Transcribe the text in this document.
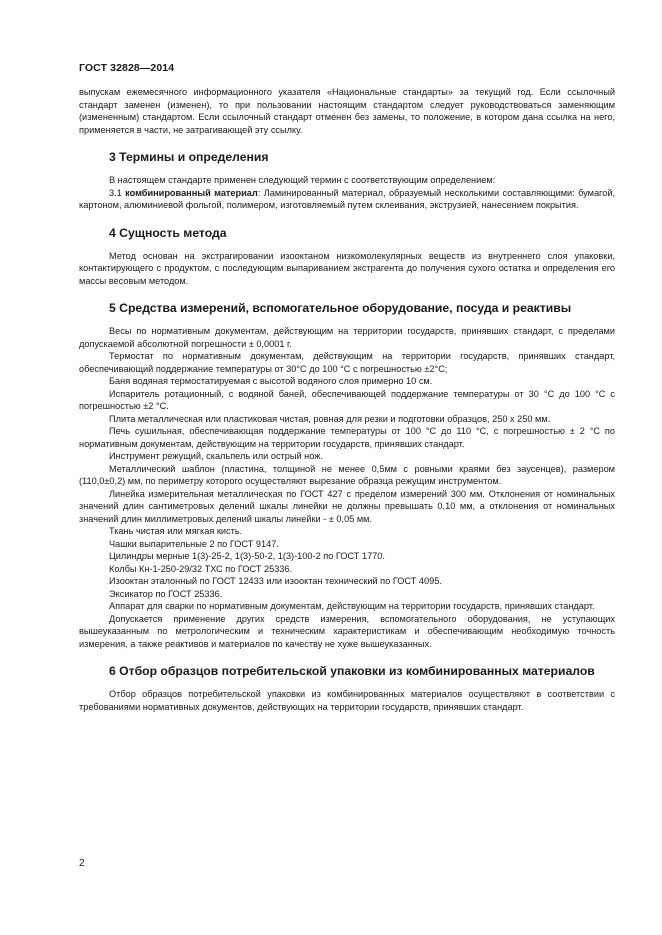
ГОСТ 32828—2014

выпускам ежемесячного информационного указателя «Национальные стандарты» за текущий год. Если ссылочный стандарт заменен (изменен), то при пользовании настоящим стандартом следует руководствоваться заменяющим (измененным) стандартом. Если ссылочный стандарт отменен без замены, то положение, в котором дана ссылка на него, применяется в части, не затрагивающей эту ссылку.

3 Термины и определения

В настоящем стандарте применен следующий термин с соответствующим определением:

3.1 комбинированный материал: Ламинированный материал, образуемый несколькими составляющими: бумагой, картоном, алюминиевой фольгой, полимером, изготовляемый путем склеивания, экструзией, нанесением покрытия.

4 Сущность метода

Метод основан на экстрагировании изооктаном низкомолекулярных веществ из внутреннего слоя упаковки, контактирующего с продуктом, с последующим выпариванием экстрагента до получения сухого остатка и определения его массы весовым методом.

5 Средства измерений, вспомогательное оборудование, посуда и реактивы

Весы по нормативным документам, действующим на территории государств, принявших стандарт, с пределами допускаемой абсолютной погрешности ± 0,0001 г.

Термостат по нормативным документам, действующим на территории государств, принявших стандарт, обеспечивающий поддержание температуры от 30°С до 100 °С с погрешностью ±2°С;

Баня водяная термостатируемая с высотой водяного слоя примерно 10 см.

Испаритель ротационный, с водяной баней, обеспечивающей поддержание температуры от 30 °С до 100 °С с погрешностью ±2 °С.

Плита металлическая или пластиковая чистая, ровная для резки и подготовки образцов, 250 х 250 мм.

Печь сушильная, обеспечивающая поддержание температуры от 100 °С до 110 °С, с погрешностью ± 2 °С по нормативным документам, действующим на территории государств, принявших стандарт.

Инструмент режущий, скальпель или острый нож.

Металлический шаблон (пластина, толщиной не менее 0,5мм с ровными краями без заусенцев), размером (110,0±0,2) мм, по периметру которого осуществляют вырезание образца режущим инструментом.

Линейка измерительная металлическая по ГОСТ 427 с пределом измерений 300 мм. Отклонения от номинальных значений длин сантиметровых делений шкалы линейки не должны превышать 0,10 мм, а отклонения от номинальных значений длин миллиметровых делений шкалы линейки - ± 0,05 мм.

Ткань чистая или мягкая кисть.

Чашки выпарительные 2 по ГОСТ 9147.

Цилиндры мерные 1(3)-25-2, 1(3)-50-2, 1(3)-100-2 по ГОСТ 1770.

Колбы Кн-1-250-29/32 ТХС по ГОСТ 25336.

Изооктан эталонный по ГОСТ 12433 или изооктан технический по ГОСТ 4095.

Эксикатор по ГОСТ 25336.

Аппарат для сварки по нормативным документам, действующим на территории государств, принявших стандарт.

Допускается применение других средств измерения, вспомогательного оборудования, не уступающих вышеуказанным по метрологическим и техническим характеристикам и обеспечивающим необходимую точность измерения, а также реактивов и материалов по качеству не хуже вышеуказанных.

6 Отбор образцов потребительской упаковки из комбинированных материалов

Отбор образцов потребительской упаковки из комбинированных материалов осуществляют в соответствии с требованиями нормативных документов, действующих на территории государств, принявших стандарт.

2
